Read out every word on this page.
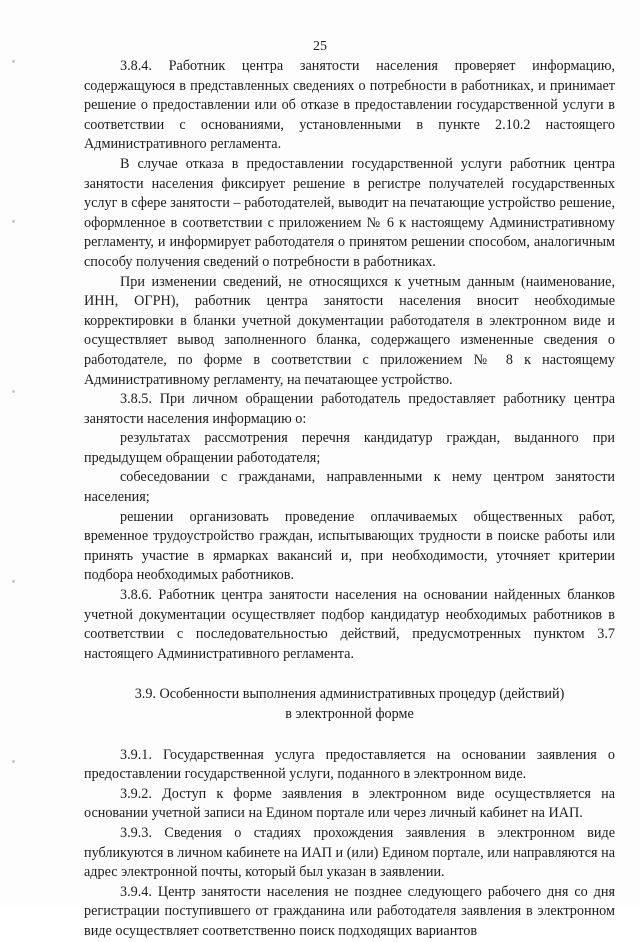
25

3.8.4. Работник центра занятости населения проверяет информацию, содержащуюся в представленных сведениях о потребности в работниках, и принимает решение о предоставлении или об отказе в предоставлении государственной услуги в соответствии с основаниями, установленными в пункте 2.10.2 настоящего Административного регламента.

В случае отказа в предоставлении государственной услуги работник центра занятости населения фиксирует решение в регистре получателей государственных услуг в сфере занятости – работодателей, выводит на печатающие устройство решение, оформленное в соответствии с приложением № 6 к настоящему Административному регламенту, и информирует работодателя о принятом решении способом, аналогичным способу получения сведений о потребности в работниках.

При изменении сведений, не относящихся к учетным данным (наименование, ИНН, ОГРН), работник центра занятости населения вносит необходимые корректировки в бланки учетной документации работодателя в электронном виде и осуществляет вывод заполненного бланка, содержащего измененные сведения о работодателе, по форме в соответствии с приложением № 8 к настоящему Административному регламенту, на печатающее устройство.

3.8.5. При личном обращении работодатель предоставляет работнику центра занятости населения информацию о:

результатах рассмотрения перечня кандидатур граждан, выданного при предыдущем обращении работодателя;

собеседовании с гражданами, направленными к нему центром занятости населения;

решении организовать проведение оплачиваемых общественных работ, временное трудоустройство граждан, испытывающих трудности в поиске работы или принять участие в ярмарках вакансий и, при необходимости, уточняет критерии подбора необходимых работников.

3.8.6. Работник центра занятости населения на основании найденных бланков учетной документации осуществляет подбор кандидатур необходимых работников в соответствии с последовательностью действий, предусмотренных пунктом 3.7 настоящего Административного регламента.

3.9. Особенности выполнения административных процедур (действий)

в электронной форме

3.9.1. Государственная услуга предоставляется на основании заявления о предоставлении государственной услуги, поданного в электронном виде.

3.9.2. Доступ к форме заявления в электронном виде осуществляется на основании учетной записи на Едином портале или через личный кабинет на ИАП.

3.9.3. Сведения о стадиях прохождения заявления в электронном виде публикуются в личном кабинете на ИАП и (или) Едином портале, или направляются на адрес электронной почты, который был указан в заявлении.

3.9.4. Центр занятости населения не позднее следующего рабочего дня со дня регистрации поступившего от гражданина или работодателя заявления в электронном виде осуществляет соответственно поиск подходящих вариантов
